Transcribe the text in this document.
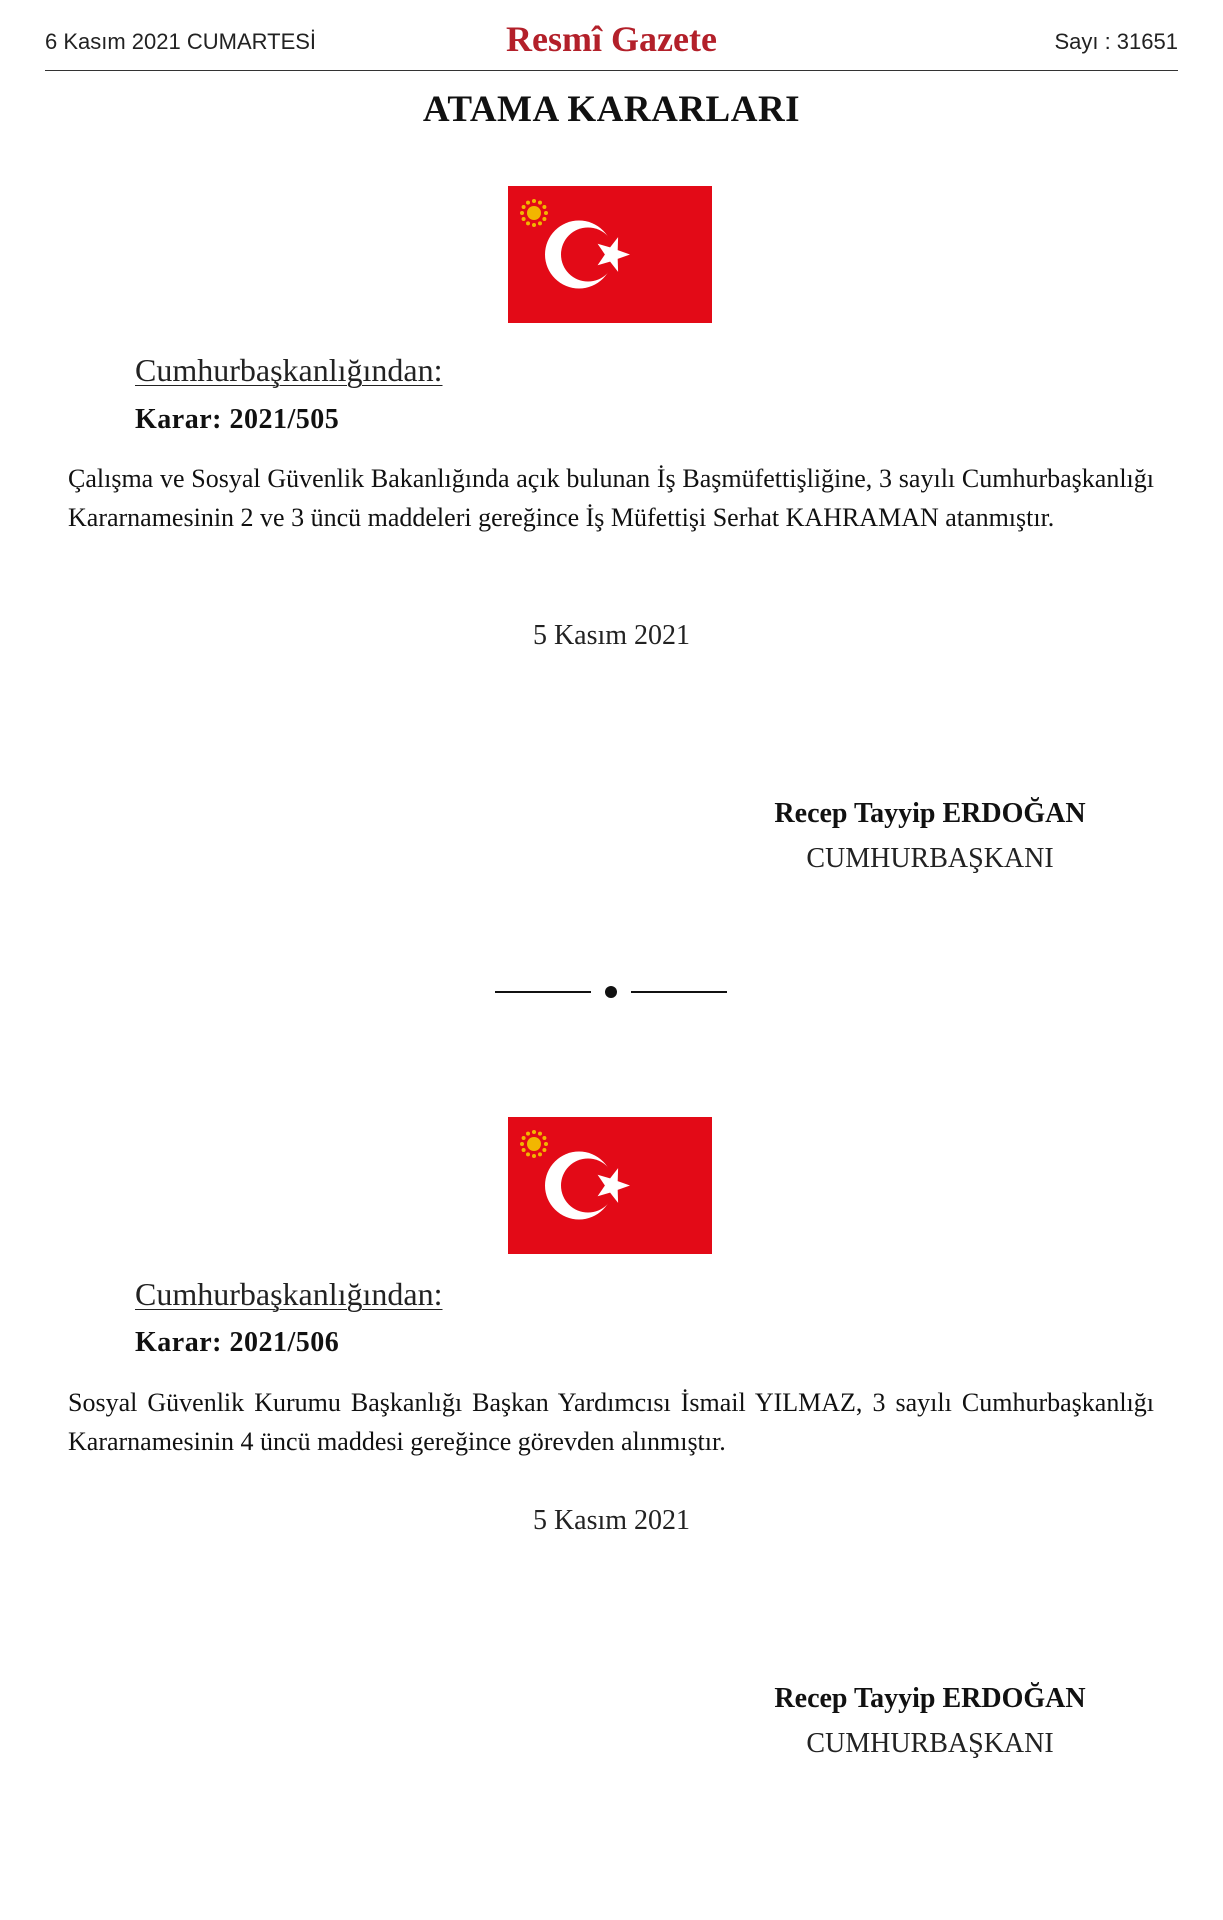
6 Kasım 2021 CUMARTESİ	Resmî Gazete	Sayı : 31651
ATAMA KARARLARI
Cumhurbaşkanlığından:
Karar: 2021/505
Çalışma ve Sosyal Güvenlik Bakanlığında açık bulunan İş Başmüfettişliğine, 3 sayılı Cumhurbaşkanlığı Kararnamesinin 2 ve 3 üncü maddeleri gereğince İş Müfettişi Serhat KAHRAMAN atanmıştır.
5 Kasım 2021
Recep Tayyip ERDOĞAN
CUMHURBAŞKANI
Cumhurbaşkanlığından:
Karar: 2021/506
Sosyal Güvenlik Kurumu Başkanlığı Başkan Yardımcısı İsmail YILMAZ, 3 sayılı Cumhurbaşkanlığı Kararnamesinin 4 üncü maddesi gereğince görevden alınmıştır.
5 Kasım 2021
Recep Tayyip ERDOĞAN
CUMHURBAŞKANI
